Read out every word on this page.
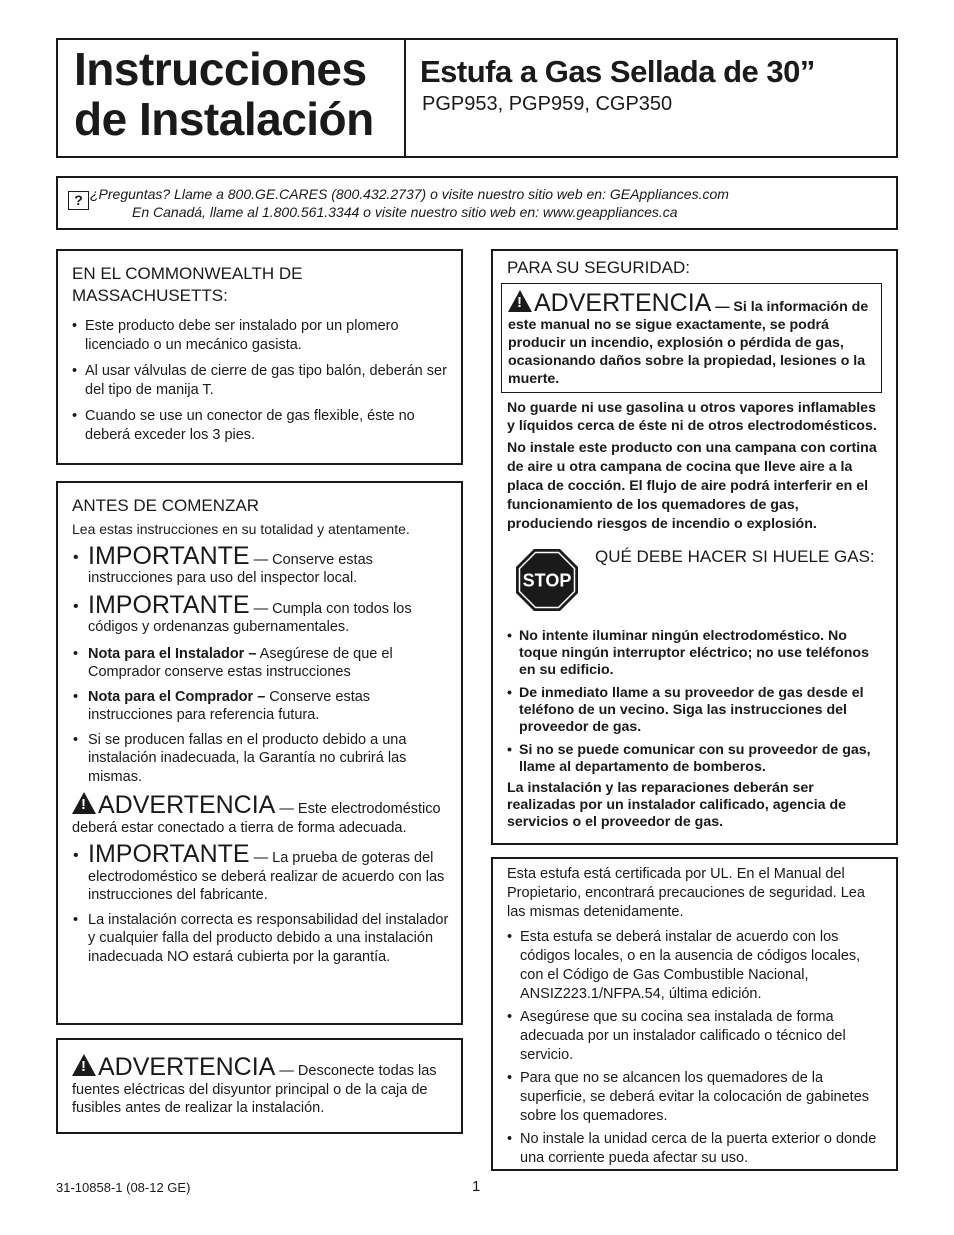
Instrucciones
de Instalación
Estufa a Gas Sellada de 30”
PGP953, PGP959, CGP350
? ¿Preguntas? Llame a 800.GE.CARES (800.432.2737) o visite nuestro sitio web en: GEAppliances.com
En Canadá, llame al 1.800.561.3344 o visite nuestro sitio web en: www.geappliances.ca
EN EL COMMONWEALTH DE
MASSACHUSETTS:
• Este producto debe ser instalado por un plomero licenciado o un mecánico gasista.
• Al usar válvulas de cierre de gas tipo balón, deberán ser del tipo de manija T.
• Cuando se use un conector de gas flexible, éste no deberá exceder los 3 pies.
ANTES DE COMENZAR
Lea estas instrucciones en su totalidad y atentamente.
• IMPORTANTE — Conserve estas instrucciones para uso del inspector local.
• IMPORTANTE — Cumpla con todos los códigos y ordenanzas gubernamentales.
• Nota para el Instalador – Asegúrese de que el Comprador conserve estas instrucciones
• Nota para el Comprador – Conserve estas instrucciones para referencia futura.
• Si se producen fallas en el producto debido a una instalación inadecuada, la Garantía no cubrirá las mismas.
!ADVERTENCIA — Este electrodoméstico deberá estar conectado a tierra de forma adecuada.
• IMPORTANTE — La prueba de goteras del electrodoméstico se deberá realizar de acuerdo con las instrucciones del fabricante.
• La instalación correcta es responsabilidad del instalador y cualquier falla del producto debido a una instalación inadecuada NO estará cubierta por la garantía.
!ADVERTENCIA — Desconecte todas las fuentes eléctricas del disyuntor principal o de la caja de fusibles antes de realizar la instalación.
PARA SU SEGURIDAD:
!ADVERTENCIA — Si la información de este manual no se sigue exactamente, se podrá producir un incendio, explosión o pérdida de gas, ocasionando daños sobre la propiedad, lesiones o la muerte.
No guarde ni use gasolina u otros vapores inflamables y líquidos cerca de éste ni de otros electrodomésticos.
No instale este producto con una campana con cortina de aire u otra campana de cocina que lleve aire a la placa de cocción. El flujo de aire podrá interferir en el funcionamiento de los quemadores de gas, produciendo riesgos de incendio o explosión.
STOP
QUÉ DEBE HACER SI HUELE GAS:
• No intente iluminar ningún electrodoméstico. No toque ningún interruptor eléctrico; no use teléfonos en su edificio.
• De inmediato llame a su proveedor de gas desde el teléfono de un vecino. Siga las instrucciones del proveedor de gas.
• Si no se puede comunicar con su proveedor de gas, llame al departamento de bomberos.
La instalación y las reparaciones deberán ser realizadas por un instalador calificado, agencia de servicios o el proveedor de gas.
Esta estufa está certificada por UL. En el Manual del Propietario, encontrará precauciones de seguridad. Lea las mismas detenidamente.
• Esta estufa se deberá instalar de acuerdo con los códigos locales, o en la ausencia de códigos locales, con el Código de Gas Combustible Nacional, ANSIZ223.1/NFPA.54, última edición.
• Asegúrese que su cocina sea instalada de forma adecuada por un instalador calificado o técnico del servicio.
• Para que no se alcancen los quemadores de la superficie, se deberá evitar la colocación de gabinetes sobre los quemadores.
• No instale la unidad cerca de la puerta exterior o donde una corriente pueda afectar su uso.
31-10858-1 (08-12 GE)	1
